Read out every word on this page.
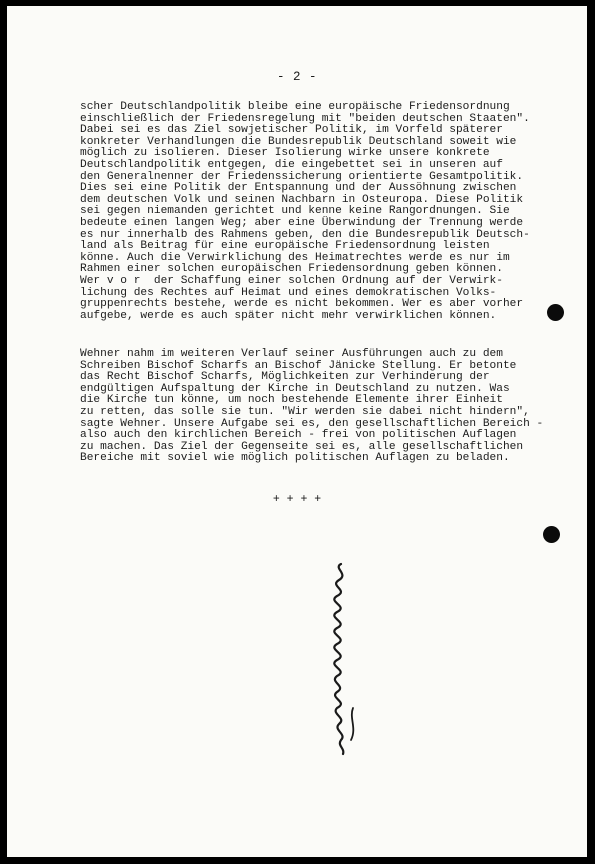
- 2 -
scher Deutschlandpolitik bleibe eine europäische Friedensordnung
einschließlich der Friedensregelung mit "beiden deutschen Staaten".
Dabei sei es das Ziel sowjetischer Politik, im Vorfeld späterer
konkreter Verhandlungen die Bundesrepublik Deutschland soweit wie
möglich zu isolieren. Dieser Isolierung wirke unsere konkrete
Deutschlandpolitik entgegen, die eingebettet sei in unseren auf
den Generalnenner der Friedenssicherung orientierte Gesamtpolitik.
Dies sei eine Politik der Entspannung und der Aussöhnung zwischen
dem deutschen Volk und seinen Nachbarn in Osteuropa. Diese Politik
sei gegen niemanden gerichtet und kenne keine Rangordnungen. Sie
bedeute einen langen Weg; aber eine Überwindung der Trennung werde
es nur innerhalb des Rahmens geben, den die Bundesrepublik Deutsch-
land als Beitrag für eine europäische Friedensordnung leisten
könne. Auch die Verwirklichung des Heimatrechtes werde es nur im
Rahmen einer solchen europäischen Friedensordnung geben können.
Wer v o r  der Schaffung einer solchen Ordnung auf der Verwirk-
lichung des Rechtes auf Heimat und eines demokratischen Volks-
gruppenrechts bestehe, werde es nicht bekommen. Wer es aber vorher
aufgebe, werde es auch später nicht mehr verwirklichen können.
Wehner nahm im weiteren Verlauf seiner Ausführungen auch zu dem
Schreiben Bischof Scharfs an Bischof Jänicke Stellung. Er betonte
das Recht Bischof Scharfs, Möglichkeiten zur Verhinderung der
endgültigen Aufspaltung der Kirche in Deutschland zu nutzen. Was
die Kirche tun könne, um noch bestehende Elemente ihrer Einheit
zu retten, das solle sie tun. "Wir werden sie dabei nicht hindern",
sagte Wehner. Unsere Aufgabe sei es, den gesellschaftlichen Bereich -
also auch den kirchlichen Bereich - frei von politischen Auflagen
zu machen. Das Ziel der Gegenseite sei es, alle gesellschaftlichen
Bereiche mit soviel wie möglich politischen Auflagen zu beladen.
+ + + +
